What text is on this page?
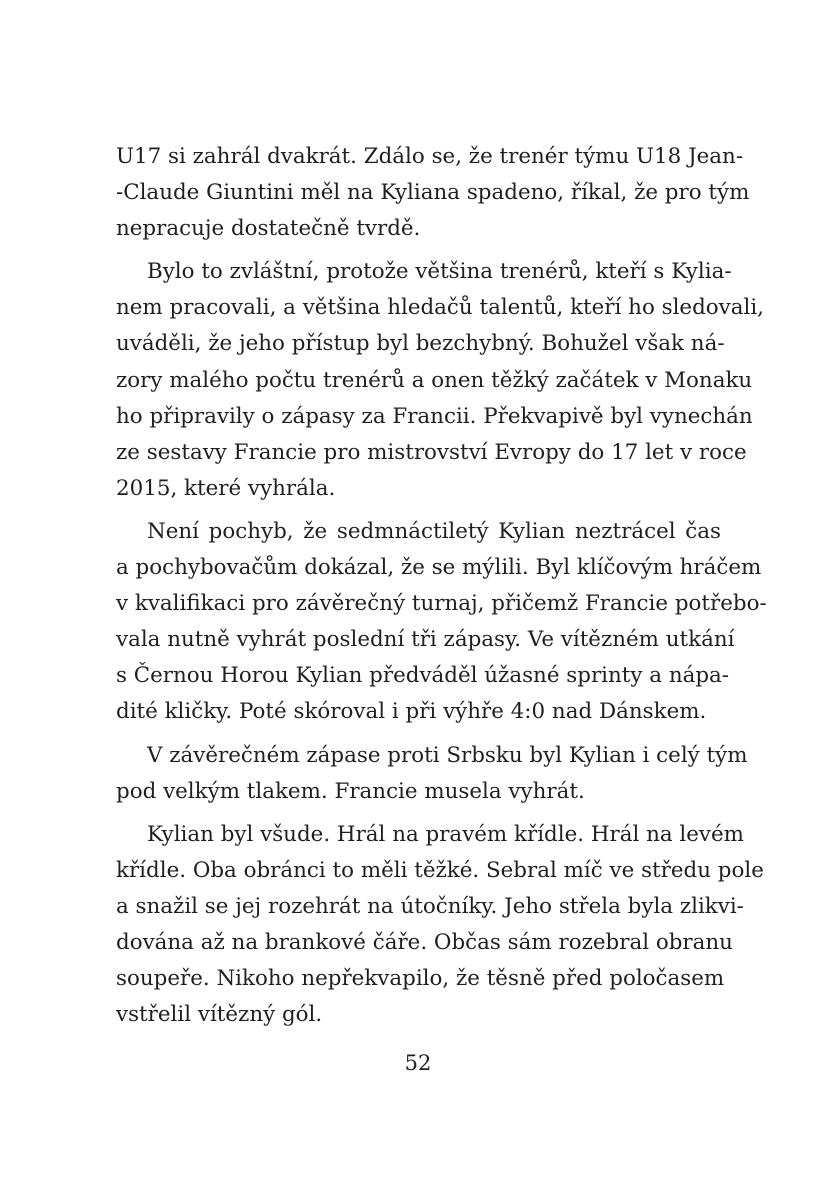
U17 si zahrál dvakrát. Zdálo se, že trenér týmu U18 Jean-
-Claude Giuntini měl na Kyliana spadeno, říkal, že pro tým
nepracuje dostatečně tvrdě.
Bylo to zvláštní, protože většina trenérů, kteří s Kylia-
nem pracovali, a většina hledačů talentů, kteří ho sledovali,
uváděli, že jeho přístup byl bezchybný. Bohužel však ná-
zory malého počtu trenérů a onen těžký začátek v Monaku
ho připravily o zápasy za Francii. Překvapivě byl vynechán
ze sestavy Francie pro mistrovství Evropy do 17 let v roce
2015, které vyhrála.
Není pochyb, že sedmnáctiletý Kylian neztrácel čas
a pochybovačům dokázal, že se mýlili. Byl klíčovým hráčem
v kvalifikaci pro závěrečný turnaj, přičemž Francie potřebo-
vala nutně vyhrát poslední tři zápasy. Ve vítězném utkání
s Černou Horou Kylian předváděl úžasné sprinty a nápa-
dité kličky. Poté skóroval i při výhře 4:0 nad Dánskem.
V závěrečném zápase proti Srbsku byl Kylian i celý tým
pod velkým tlakem. Francie musela vyhrát.
Kylian byl všude. Hrál na pravém křídle. Hrál na levém
křídle. Oba obránci to měli těžké. Sebral míč ve středu pole
a snažil se jej rozehrát na útočníky. Jeho střela byla zlikvi-
dována až na brankové čáře. Občas sám rozebral obranu
soupeře. Nikoho nepřekvapilo, že těsně před poločasem
vstřelil vítězný gól.
52
